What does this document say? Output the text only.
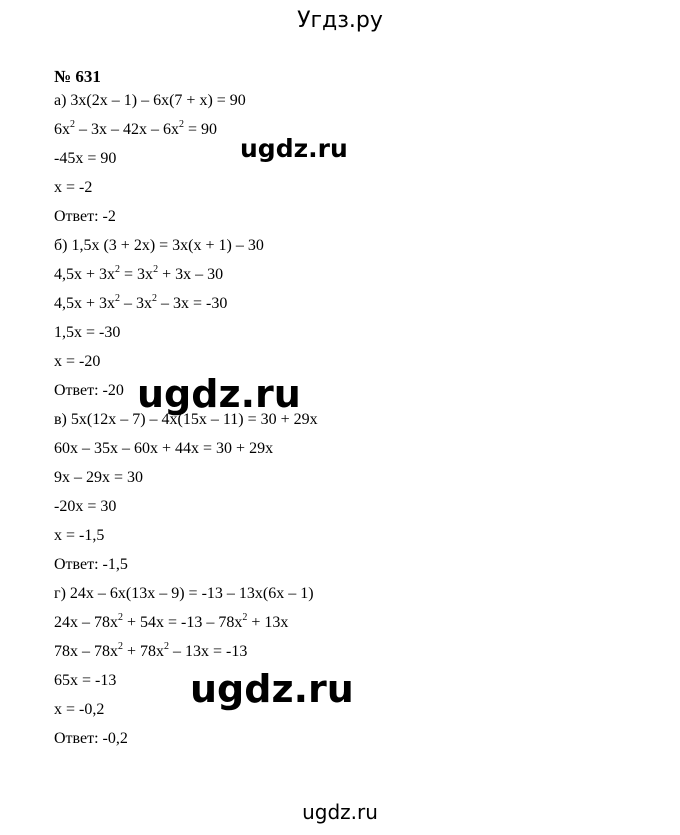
Угдз.ру
№ 631
а) 3x(2x – 1) – 6x(7 + x) = 90
$6x^2 - 3x - 42x - 6x^2 = 90$
-45x = 90
x = -2
Ответ: -2
б) 1,5x (3 + 2x) = 3x(x + 1) – 30
$4,5x + 3x^2 = 3x^2 + 3x - 30$
$4,5x + 3x^2 - 3x^2 - 3x = -30$
1,5x = -30
x = -20
Ответ: -20
в) 5x(12x – 7) – 4x(15x – 11) = 30 + 29x
60x – 35x – 60x + 44x = 30 + 29x
9x – 29x = 30
-20x = 30
x = -1,5
Ответ: -1,5
г) 24x – 6x(13x – 9) = -13 – 13x(6x – 1)
$24x - 78x^2 + 54x = -13 - 78x^2 + 13x$
$78x - 78x^2 + 78x^2 - 13x = -13$
65x = -13
x = -0,2
Ответ: -0,2
ugdz.ru
ugdz.ru
ugdz.ru
ugdz.ru
